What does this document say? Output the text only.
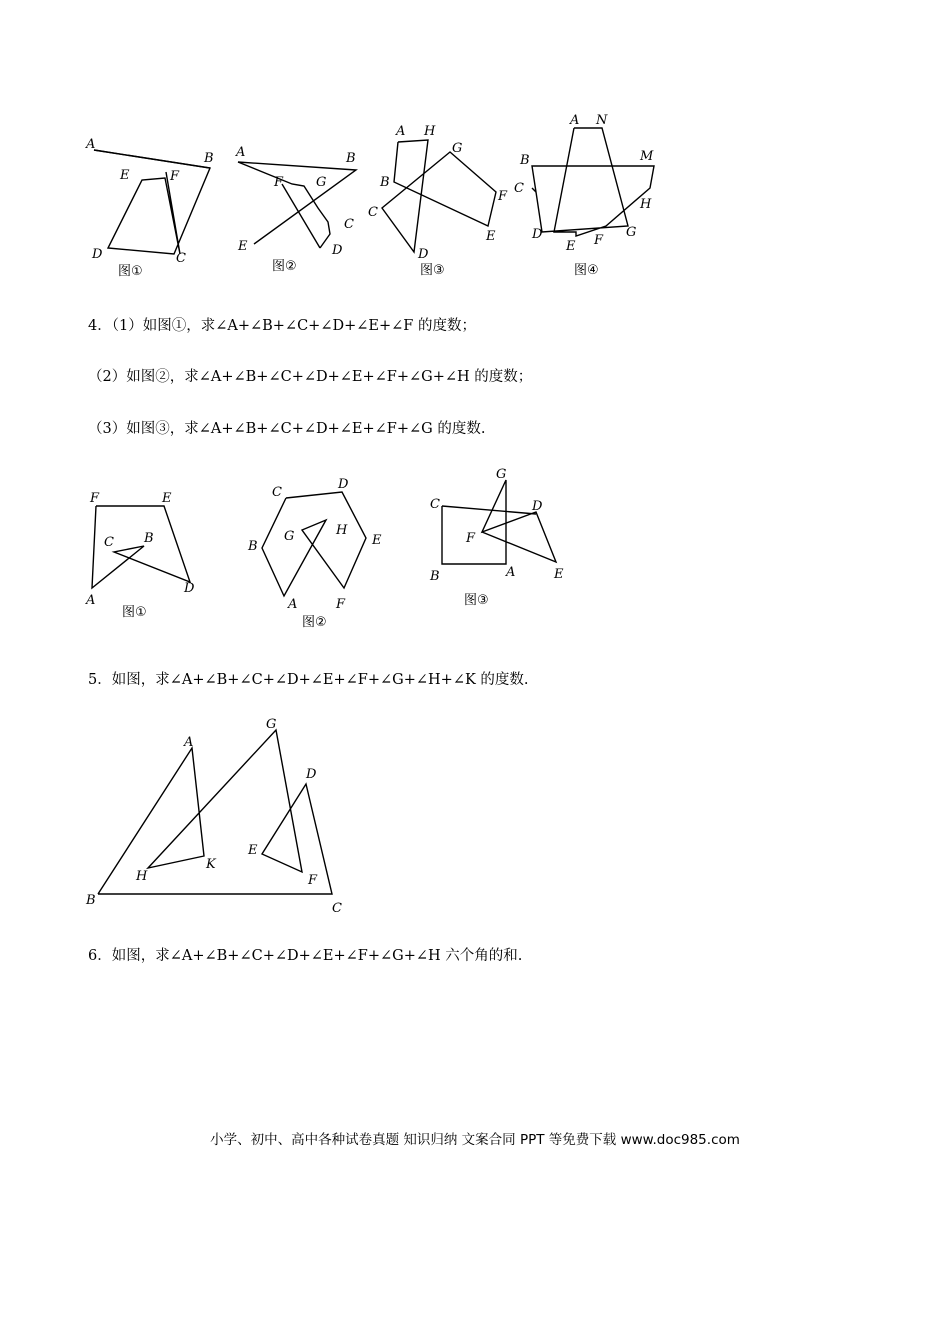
A
B
E	F
D	C
图①
A	B
F	G
C
E	D
图②
A H
G
B
F
C
E
D
图③
A N
B	M
C
H
D
E F
G
图④
4．（1）如图①，求∠A+∠B+∠C+∠D+∠E+∠F 的度数；
（2）如图②，求∠A+∠B+∠C+∠D+∠E+∠F+∠G+∠H 的度数；
（3）如图③，求∠A+∠B+∠C+∠D+∠E+∠F+∠G 的度数.
F	E
C B
A
D
图①
C
D
B
G	H
E
A	F
图②
G
C	D
F
B	A	E
图③
5．如图，求∠A+∠B+∠C+∠D+∠E+∠F+∠G+∠H+∠K 的度数.
A
G
D
E
H
K
F
B
C
6．如图，求∠A+∠B+∠C+∠D+∠E+∠F+∠G+∠H 六个角的和.
小学、初中、高中各种试卷真题 知识归纳 文案合同 PPT 等免费下载 www.doc985.com
